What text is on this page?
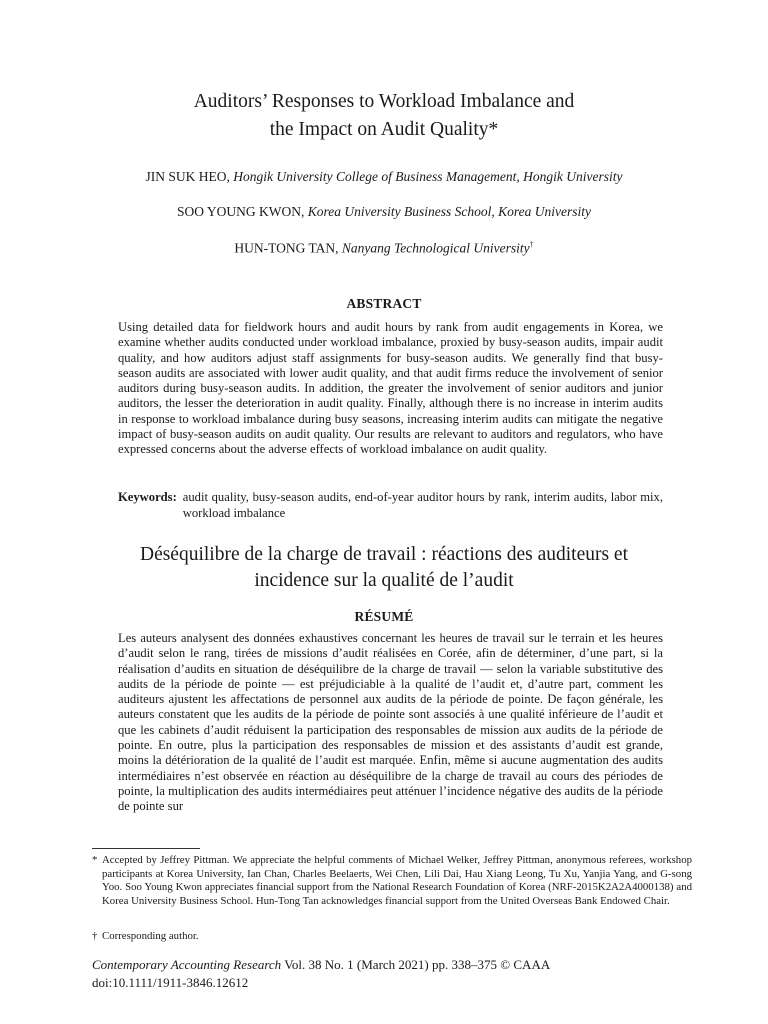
Auditors’ Responses to Workload Imbalance and
the Impact on Audit Quality*
JIN SUK HEO, Hongik University College of Business Management, Hongik University
SOO YOUNG KWON, Korea University Business School, Korea University
HUN-TONG TAN, Nanyang Technological University†
ABSTRACT
Using detailed data for fieldwork hours and audit hours by rank from audit engagements in Korea, we examine whether audits conducted under workload imbalance, proxied by busy-season audits, impair audit quality, and how auditors adjust staff assignments for busy-season audits. We generally find that busy-season audits are associated with lower audit quality, and that audit firms reduce the involvement of senior auditors during busy-season audits. In addition, the greater the involvement of senior auditors and junior auditors, the lesser the deterioration in audit quality. Finally, although there is no increase in interim audits in response to workload imbalance during busy seasons, increasing interim audits can mitigate the negative impact of busy-season audits on audit quality. Our results are relevant to auditors and regulators, who have expressed concerns about the adverse effects of workload imbalance on audit quality.
Keywords: audit quality, busy-season audits, end-of-year auditor hours by rank, interim audits, labor mix, workload imbalance
Déséquilibre de la charge de travail : réactions des auditeurs et
incidence sur la qualité de l’audit
RÉSUMÉ
Les auteurs analysent des données exhaustives concernant les heures de travail sur le terrain et les heures d’audit selon le rang, tirées de missions d’audit réalisées en Corée, afin de déterminer, d’une part, si la réalisation d’audits en situation de déséquilibre de la charge de travail — selon la variable substitutive des audits de la période de pointe — est préjudiciable à la qualité de l’audit et, d’autre part, comment les auditeurs ajustent les affectations de personnel aux audits de la période de pointe. De façon générale, les auteurs constatent que les audits de la période de pointe sont associés à une qualité inférieure de l’audit et que les cabinets d’audit réduisent la participation des responsables de mission aux audits de la période de pointe. En outre, plus la participation des responsables de mission et des assistants d’audit est grande, moins la détérioration de la qualité de l’audit est marquée. Enfin, même si aucune augmentation des audits intermédiaires n’est observée en réaction au déséquilibre de la charge de travail au cours des périodes de pointe, la multiplication des audits intermédiaires peut atténuer l’incidence négative des audits de la période de pointe sur
* Accepted by Jeffrey Pittman. We appreciate the helpful comments of Michael Welker, Jeffrey Pittman, anonymous referees, workshop participants at Korea University, Ian Chan, Charles Beelaerts, Wei Chen, Lili Dai, Hau Xiang Leong, Tu Xu, Yanjia Yang, and G-song Yoo. Soo Young Kwon appreciates financial support from the National Research Foundation of Korea (NRF-2015K2A2A4000138) and Korea University Business School. Hun-Tong Tan acknowledges financial support from the United Overseas Bank Endowed Chair.
† Corresponding author.
Contemporary Accounting Research Vol. 38 No. 1 (March 2021) pp. 338–375 © CAAA
doi:10.1111/1911-3846.12612
